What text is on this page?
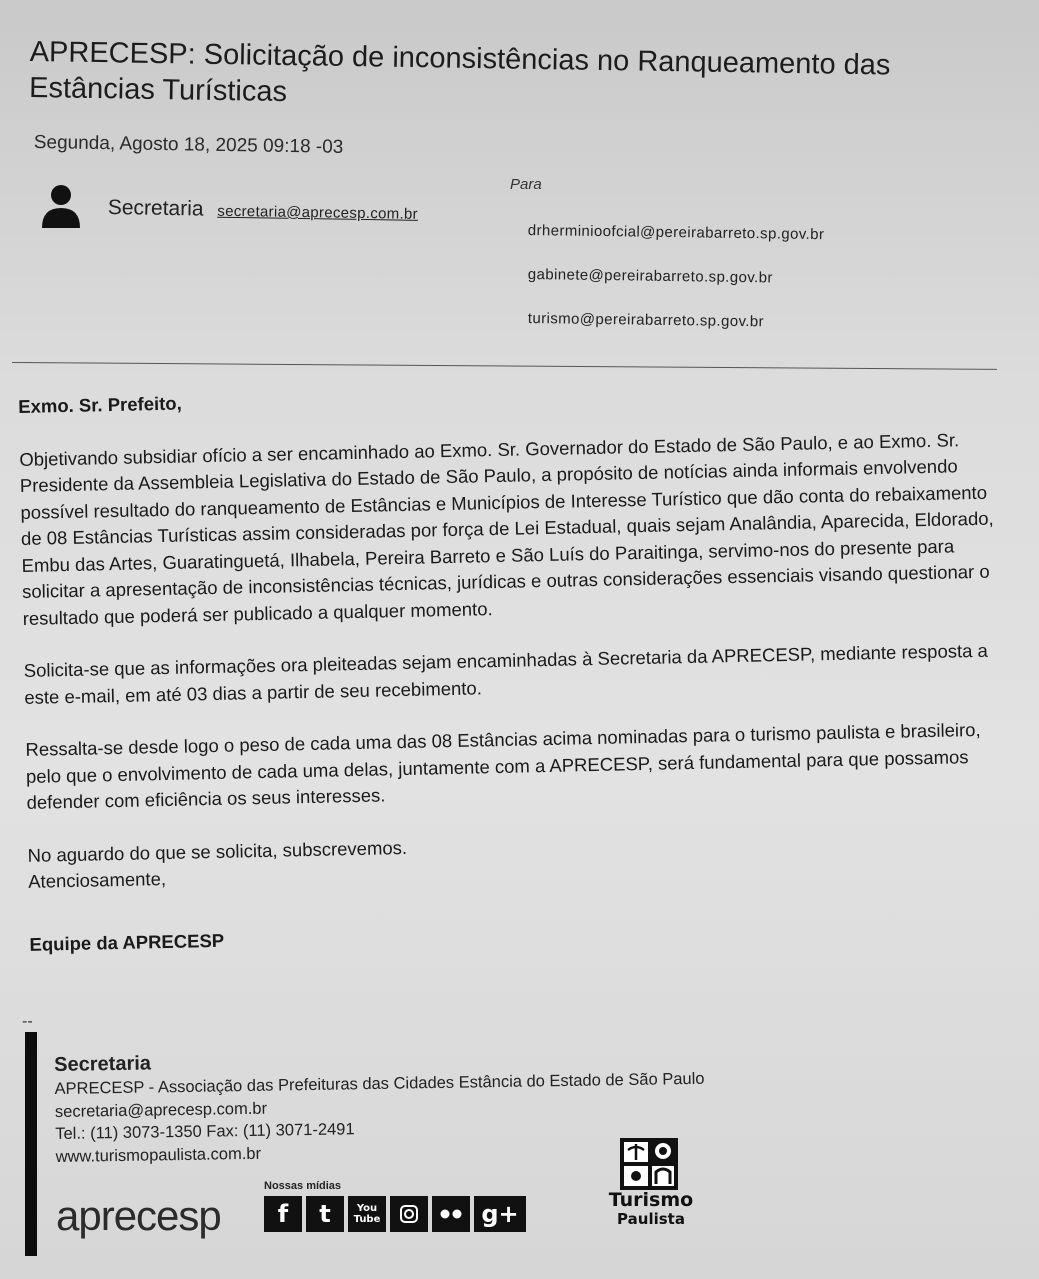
APRECESP: Solicitação de inconsistências no Ranqueamento das Estâncias Turísticas
Segunda, Agosto 18, 2025 09:18 -03
Secretaria secretaria@aprecesp.com.br
Para
drherminioofcial@pereirabarreto.sp.gov.br
gabinete@pereirabarreto.sp.gov.br
turismo@pereirabarreto.sp.gov.br

Exmo. Sr. Prefeito,

Objetivando subsidiar ofício a ser encaminhado ao Exmo. Sr. Governador do Estado de São Paulo, e ao Exmo. Sr. Presidente da Assembleia Legislativa do Estado de São Paulo, a propósito de notícias ainda informais envolvendo possível resultado do ranqueamento de Estâncias e Municípios de Interesse Turístico que dão conta do rebaixamento de 08 Estâncias Turísticas assim consideradas por força de Lei Estadual, quais sejam Analândia, Aparecida, Eldorado, Embu das Artes, Guaratinguetá, Ilhabela, Pereira Barreto e São Luís do Paraitinga, servimo-nos do presente para solicitar a apresentação de inconsistências técnicas, jurídicas e outras considerações essenciais visando questionar o resultado que poderá ser publicado a qualquer momento.

Solicita-se que as informações ora pleiteadas sejam encaminhadas à Secretaria da APRECESP, mediante resposta a este e-mail, em até 03 dias a partir de seu recebimento.

Ressalta-se desde logo o peso de cada uma das 08 Estâncias acima nominadas para o turismo paulista e brasileiro, pelo que o envolvimento de cada uma delas, juntamente com a APRECESP, será fundamental para que possamos defender com eficiência os seus interesses.

No aguardo do que se solicita, subscrevemos.
Atenciosamente,

Equipe da APRECESP

--
Secretaria
APRECESP - Associação das Prefeituras das Cidades Estância do Estado de São Paulo
secretaria@aprecesp.com.br
Tel.: (11) 3073-1350 Fax: (11) 3071-2491
www.turismopaulista.com.br
aprecesp
Nossas mídias
f	t	You Tube	g+	Turismo
Paulista
